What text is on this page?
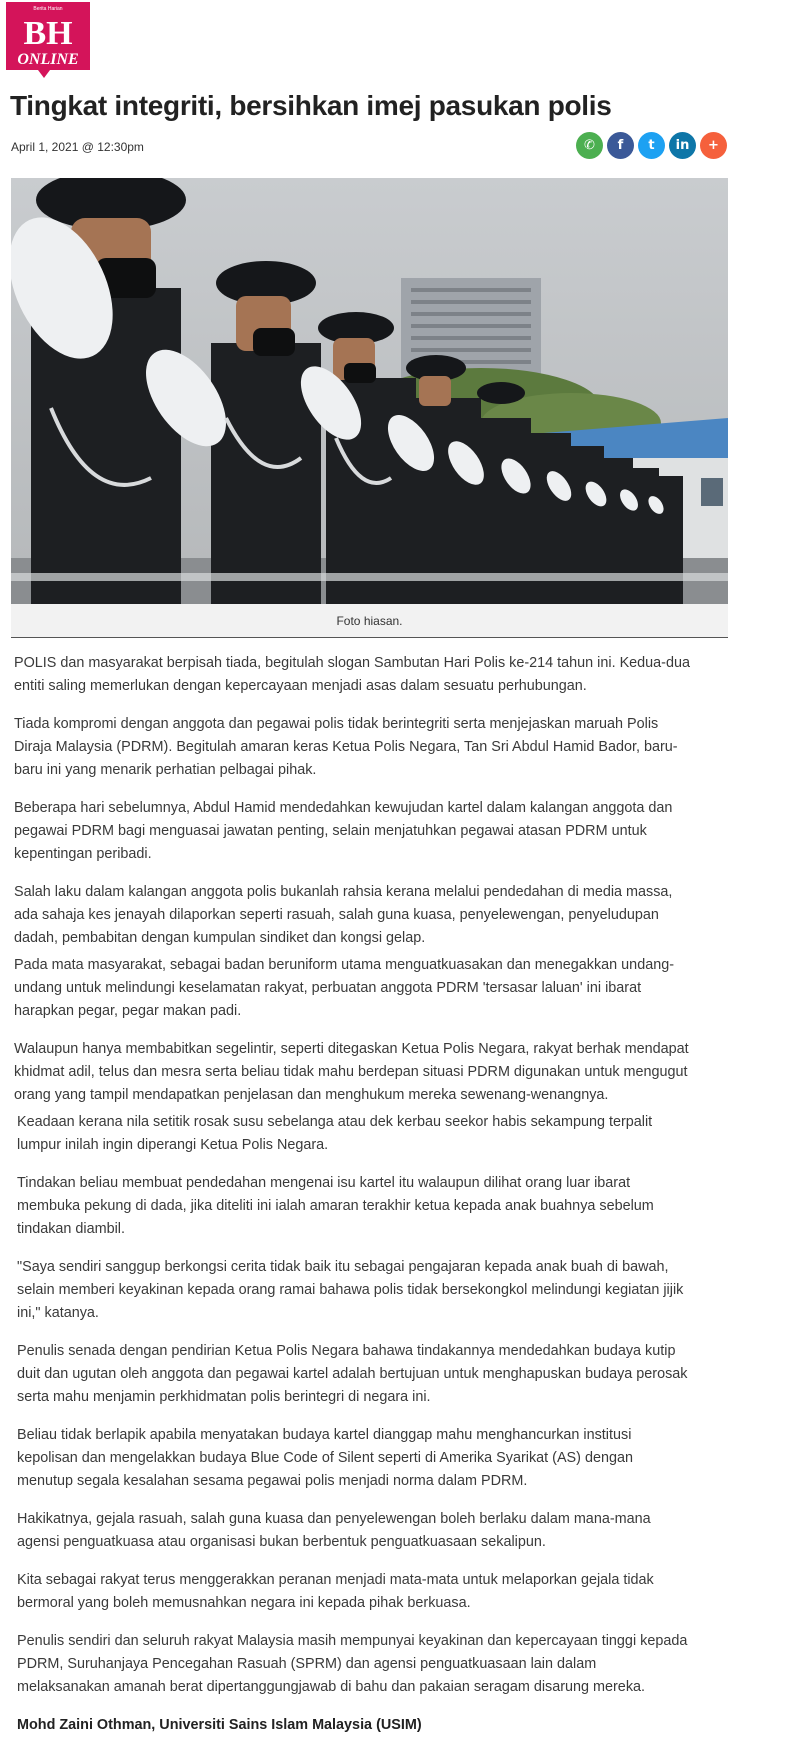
Berita Harian
BH
ONLINE
Tingkat integriti, bersihkan imej pasukan polis
April 1, 2021 @ 12:30pm	✆ f t in +
Foto hiasan.

POLIS dan masyarakat berpisah tiada, begitulah slogan Sambutan Hari Polis ke-214 tahun ini. Kedua-dua entiti saling memerlukan dengan kepercayaan menjadi asas dalam sesuatu perhubungan.

Tiada kompromi dengan anggota dan pegawai polis tidak berintegriti serta menjejaskan maruah Polis Diraja Malaysia (PDRM). Begitulah amaran keras Ketua Polis Negara, Tan Sri Abdul Hamid Bador, baru-baru ini yang menarik perhatian pelbagai pihak.

Beberapa hari sebelumnya, Abdul Hamid mendedahkan kewujudan kartel dalam kalangan anggota dan pegawai PDRM bagi menguasai jawatan penting, selain menjatuhkan pegawai atasan PDRM untuk kepentingan peribadi.

Salah laku dalam kalangan anggota polis bukanlah rahsia kerana melalui pendedahan di media massa, ada sahaja kes jenayah dilaporkan seperti rasuah, salah guna kuasa, penyelewengan, penyeludupan dadah, pembabitan dengan kumpulan sindiket dan kongsi gelap.

Pada mata masyarakat, sebagai badan beruniform utama menguatkuasakan dan menegakkan undang-undang untuk melindungi keselamatan rakyat, perbuatan anggota PDRM 'tersasar laluan' ini ibarat harapkan pegar, pegar makan padi.

Walaupun hanya membabitkan segelintir, seperti ditegaskan Ketua Polis Negara, rakyat berhak mendapat khidmat adil, telus dan mesra serta beliau tidak mahu berdepan situasi PDRM digunakan untuk mengugut orang yang tampil mendapatkan penjelasan dan menghukum mereka sewenang-wenangnya.

Keadaan kerana nila setitik rosak susu sebelanga atau dek kerbau seekor habis sekampung terpalit lumpur inilah ingin diperangi Ketua Polis Negara.

Tindakan beliau membuat pendedahan mengenai isu kartel itu walaupun dilihat orang luar ibarat membuka pekung di dada, jika diteliti ini ialah amaran terakhir ketua kepada anak buahnya sebelum tindakan diambil.

"Saya sendiri sanggup berkongsi cerita tidak baik itu sebagai pengajaran kepada anak buah di bawah, selain memberi keyakinan kepada orang ramai bahawa polis tidak bersekongkol melindungi kegiatan jijik ini," katanya.

Penulis senada dengan pendirian Ketua Polis Negara bahawa tindakannya mendedahkan budaya kutip duit dan ugutan oleh anggota dan pegawai kartel adalah bertujuan untuk menghapuskan budaya perosak serta mahu menjamin perkhidmatan polis berintegri di negara ini.

Beliau tidak berlapik apabila menyatakan budaya kartel dianggap mahu menghancurkan institusi kepolisan dan mengelakkan budaya Blue Code of Silent seperti di Amerika Syarikat (AS) dengan menutup segala kesalahan sesama pegawai polis menjadi norma dalam PDRM.

Hakikatnya, gejala rasuah, salah guna kuasa dan penyelewengan boleh berlaku dalam mana-mana agensi penguatkuasa atau organisasi bukan berbentuk penguatkuasaan sekalipun.

Kita sebagai rakyat terus menggerakkan peranan menjadi mata-mata untuk melaporkan gejala tidak bermoral yang boleh memusnahkan negara ini kepada pihak berkuasa.

Penulis sendiri dan seluruh rakyat Malaysia masih mempunyai keyakinan dan kepercayaan tinggi kepada PDRM, Suruhanjaya Pencegahan Rasuah (SPRM) dan agensi penguatkuasaan lain dalam melaksanakan amanah berat dipertanggungjawab di bahu dan pakaian seragam disarung mereka.

Mohd Zaini Othman, Universiti Sains Islam Malaysia (USIM)
